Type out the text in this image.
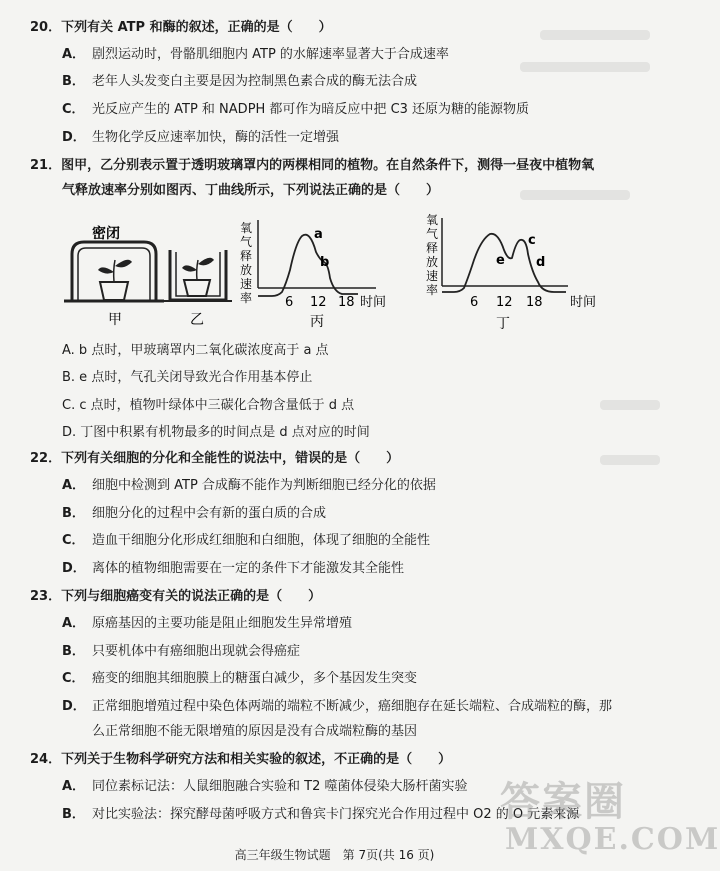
20．下列有关 ATP 和酶的叙述，正确的是（　　）
A． 剧烈运动时，骨骼肌细胞内 ATP 的水解速率显著大于合成速率
B． 老年人头发变白主要是因为控制黑色素合成的酶无法合成
C． 光反应产生的 ATP 和 NADPH 都可作为暗反应中把 C3 还原为糖的能源物质
D． 生物化学反应速率加快，酶的活性一定增强
21．图甲，乙分别表示置于透明玻璃罩内的两棵相同的植物。在自然条件下，测得一昼夜中植物氧
气释放速率分别如图丙、丁曲线所示，下列说法正确的是（　　）
密闭
甲	乙
氧
气
释
放
速
率
a
b
6 12 18 时间
丙
氧
气
释
放
速
率
c
d
e
6 12 18 时间
丁
A. b 点时，甲玻璃罩内二氧化碳浓度高于 a 点
B. e 点时，气孔关闭导致光合作用基本停止
C. c 点时，植物叶绿体中三碳化合物含量低于 d 点
D. 丁图中积累有机物最多的时间点是 d 点对应的时间
22．下列有关细胞的分化和全能性的说法中，错误的是（　　）
A． 细胞中检测到 ATP 合成酶不能作为判断细胞已经分化的依据
B． 细胞分化的过程中会有新的蛋白质的合成
C． 造血干细胞分化形成红细胞和白细胞，体现了细胞的全能性
D． 离体的植物细胞需要在一定的条件下才能激发其全能性
23．下列与细胞癌变有关的说法正确的是（　　）
A． 原癌基因的主要功能是阻止细胞发生异常增殖
B． 只要机体中有癌细胞出现就会得癌症
C． 癌变的细胞其细胞膜上的糖蛋白减少，多个基因发生突变
D． 正常细胞增殖过程中染色体两端的端粒不断减少，癌细胞存在延长端粒、合成端粒的酶，那
么正常细胞不能无限增殖的原因是没有合成端粒酶的基因
24．下列关于生物科学研究方法和相关实验的叙述，不正确的是（　　）
A． 同位素标记法：人鼠细胞融合实验和 T2 噬菌体侵染大肠杆菌实验
B． 对比实验法：探究酵母菌呼吸方式和鲁宾卡门探究光合作用过程中 O2 的 O 元素来源
答案圈
MXQE.COM
高三年级生物试题　第 7页(共 16 页)
